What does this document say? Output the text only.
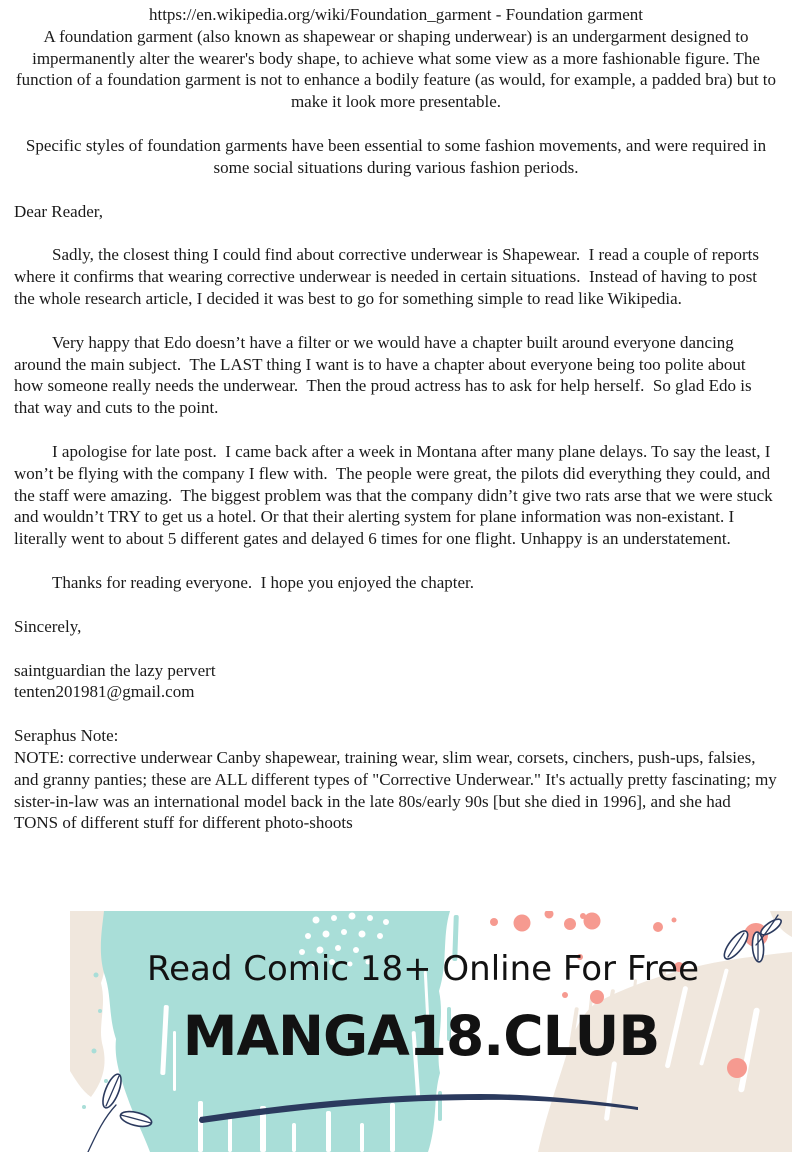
https://en.wikipedia.org/wiki/Foundation_garment - Foundation garment

A foundation garment (also known as shapewear or shaping underwear) is an undergarment designed to impermanently alter the wearer's body shape, to achieve what some view as a more fashionable figure. The function of a foundation garment is not to enhance a bodily feature (as would, for example, a padded bra) but to make it look more presentable.

Specific styles of foundation garments have been essential to some fashion movements, and were required in some social situations during various fashion periods.

Dear Reader,

Sadly, the closest thing I could find about corrective underwear is Shapewear.  I read a couple of reports where it confirms that wearing corrective underwear is needed in certain situations.  Instead of having to post the whole research article, I decided it was best to go for something simple to read like Wikipedia.

Very happy that Edo doesn’t have a filter or we would have a chapter built around everyone dancing around the main subject.  The LAST thing I want is to have a chapter about everyone being too polite about how someone really needs the underwear.  Then the proud actress has to ask for help herself.  So glad Edo is that way and cuts to the point.

I apologise for late post.  I came back after a week in Montana after many plane delays. To say the least, I won’t be flying with the company I flew with.  The people were great, the pilots did everything they could, and the staff were amazing.  The biggest problem was that the company didn’t give two rats arse that we were stuck and wouldn’t TRY to get us a hotel. Or that their alerting system for plane information was non-existant. I literally went to about 5 different gates and delayed 6 times for one flight. Unhappy is an understatement.

Thanks for reading everyone.  I hope you enjoyed the chapter.

Sincerely,

saintguardian the lazy pervert

tenten201981@gmail.com

Seraphus Note:

NOTE: corrective underwear Canby shapewear, training wear, slim wear, corsets, cinchers, push-ups, falsies, and granny panties; these are ALL different types of "Corrective Underwear." It's actually pretty fascinating; my sister-in-law was an international model back in the late 80s/early 90s [but she died in 1996], and she had TONS of different stuff for different photo-shoots

Read Comic 18+ Online For Free
MANGA18.CLUB
